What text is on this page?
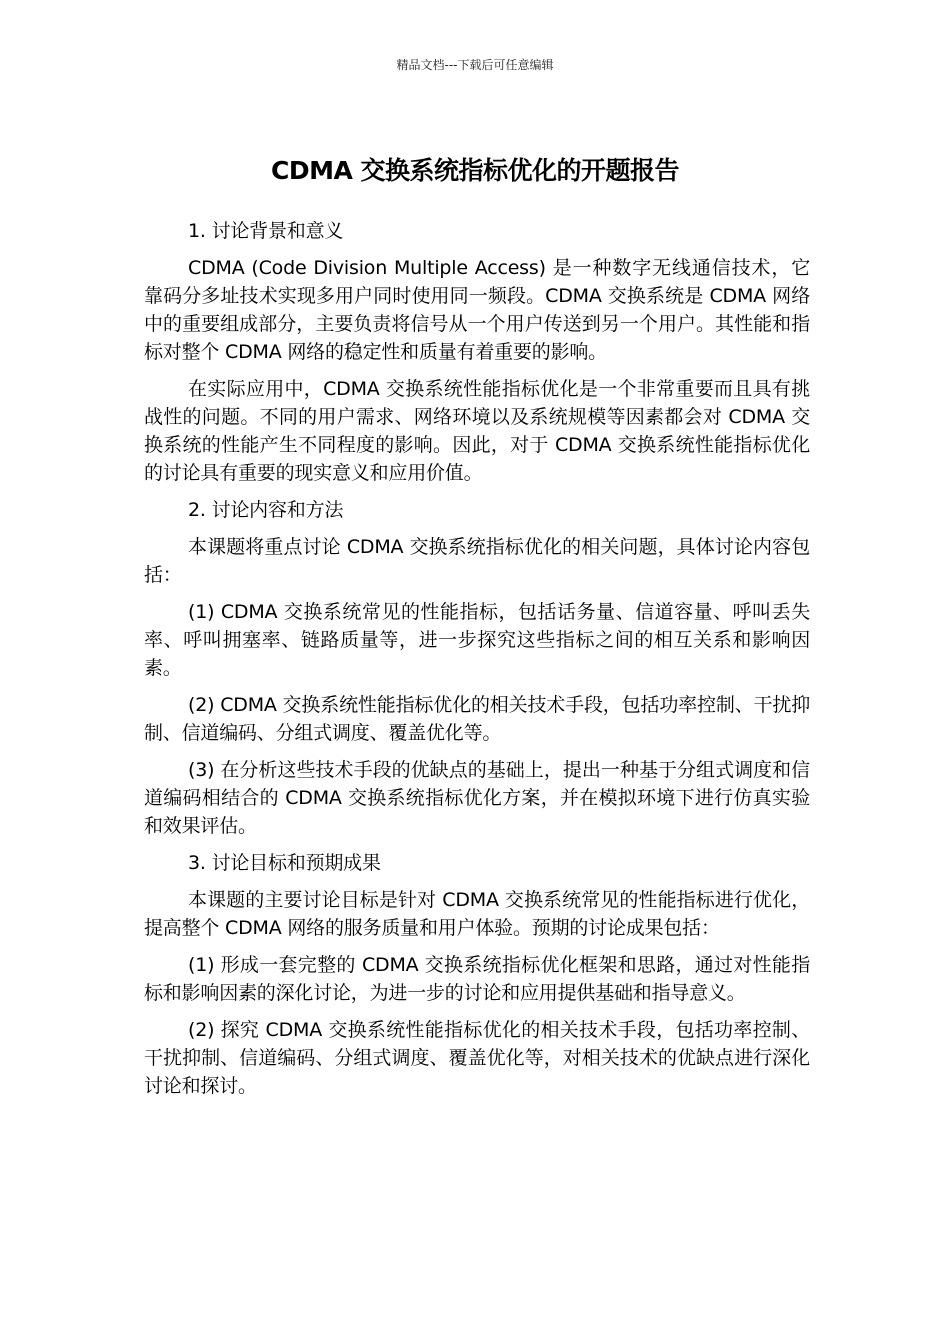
精品文档---下载后可任意编辑
CDMA 交换系统指标优化的开题报告

1. 讨论背景和意义

CDMA (Code Division Multiple Access) 是一种数字无线通信技术，它靠码分多址技术实现多用户同时使用同一频段。CDMA 交换系统是 CDMA 网络中的重要组成部分，主要负责将信号从一个用户传送到另一个用户。其性能和指标对整个 CDMA 网络的稳定性和质量有着重要的影响。

在实际应用中，CDMA 交换系统性能指标优化是一个非常重要而且具有挑战性的问题。不同的用户需求、网络环境以及系统规模等因素都会对 CDMA 交换系统的性能产生不同程度的影响。因此，对于 CDMA 交换系统性能指标优化的讨论具有重要的现实意义和应用价值。

2. 讨论内容和方法

本课题将重点讨论 CDMA 交换系统指标优化的相关问题，具体讨论内容包括：

(1) CDMA 交换系统常见的性能指标，包括话务量、信道容量、呼叫丢失率、呼叫拥塞率、链路质量等，进一步探究这些指标之间的相互关系和影响因素。

(2) CDMA 交换系统性能指标优化的相关技术手段，包括功率控制、干扰抑制、信道编码、分组式调度、覆盖优化等。

(3) 在分析这些技术手段的优缺点的基础上，提出一种基于分组式调度和信道编码相结合的 CDMA 交换系统指标优化方案，并在模拟环境下进行仿真实验和效果评估。

3. 讨论目标和预期成果

本课题的主要讨论目标是针对 CDMA 交换系统常见的性能指标进行优化，提高整个 CDMA 网络的服务质量和用户体验。预期的讨论成果包括：

(1) 形成一套完整的 CDMA 交换系统指标优化框架和思路，通过对性能指标和影响因素的深化讨论，为进一步的讨论和应用提供基础和指导意义。

(2) 探究 CDMA 交换系统性能指标优化的相关技术手段，包括功率控制、干扰抑制、信道编码、分组式调度、覆盖优化等，对相关技术的优缺点进行深化讨论和探讨。
